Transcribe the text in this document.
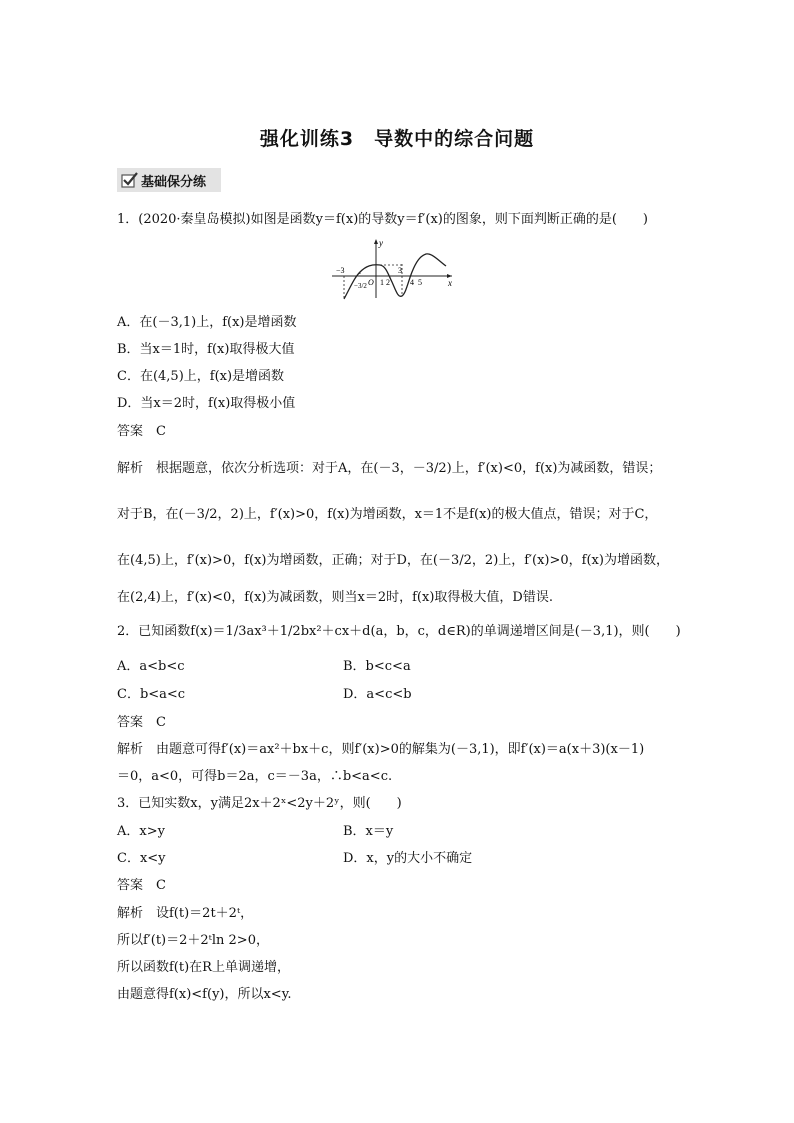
强化训练3　导数中的综合问题
基础保分练
1．(2020·秦皇岛模拟)如图是函数y＝f(x)的导数y＝f′(x)的图象，则下面判断正确的是(　　)
y
x
O
−3
−3/2 1 2
3
4 5
A．在(－3,1)上，f(x)是增函数
B．当x＝1时，f(x)取得极大值
C．在(4,5)上，f(x)是增函数
D．当x＝2时，f(x)取得极小值
答案　C
解析　根据题意，依次分析选项：对于A，在(－3，－3/2)上，f′(x)<0，f(x)为减函数，错误；
对于B，在(－3/2，2)上，f′(x)>0，f(x)为增函数，x＝1不是f(x)的极大值点，错误；对于C，
在(4,5)上，f′(x)>0，f(x)为增函数，正确；对于D，在(－3/2，2)上，f′(x)>0，f(x)为增函数，
在(2,4)上，f′(x)<0，f(x)为减函数，则当x＝2时，f(x)取得极大值，D错误.
2．已知函数f(x)＝1/3ax³＋1/2bx²＋cx＋d(a，b，c，d∈R)的单调递增区间是(－3,1)，则(　　)
A．a<b<c	B．b<c<a
C．b<a<c	D．a<c<b
答案　C
解析　由题意可得f′(x)＝ax²＋bx＋c，则f′(x)>0的解集为(－3,1)，即f′(x)＝a(x＋3)(x－1)
＝0，a<0，可得b＝2a，c＝－3a，∴b<a<c.
3．已知实数x，y满足2x＋2ˣ<2y＋2ʸ，则(　　)
A．x>y	B．x＝y
C．x<y	D．x，y的大小不确定
答案　C
解析　设f(t)＝2t＋2ᵗ，
所以f′(t)＝2＋2ᵗln 2>0，
所以函数f(t)在R上单调递增，
由题意得f(x)<f(y)，所以x<y.
